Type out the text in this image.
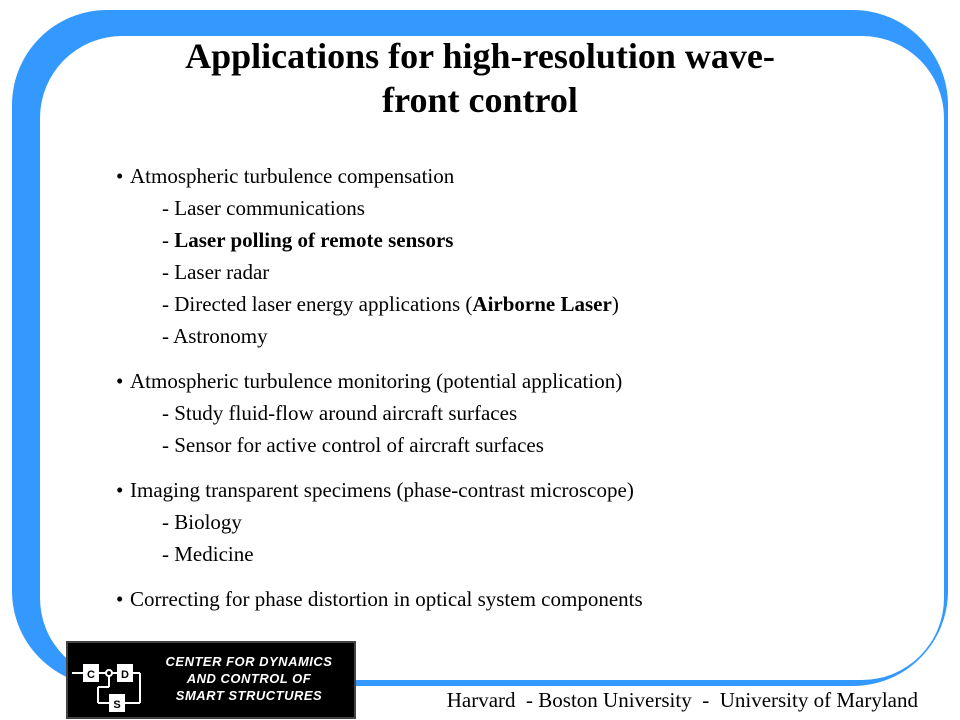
Applications for high-resolution wave-
front control
• Atmospheric turbulence compensation
- Laser communications
- Laser polling of remote sensors
- Laser radar
- Directed laser energy applications (Airborne Laser)
- Astronomy
• Atmospheric turbulence monitoring (potential application)
- Study fluid-flow around aircraft surfaces
- Sensor for active control of aircraft surfaces
• Imaging transparent specimens (phase-contrast microscope)
- Biology
- Medicine
• Correcting for phase distortion in optical system components
C D
S
CENTER FOR DYNAMICS
AND CONTROL OF
SMART STRUCTURES	Harvard  - Boston University  -  University of Maryland
